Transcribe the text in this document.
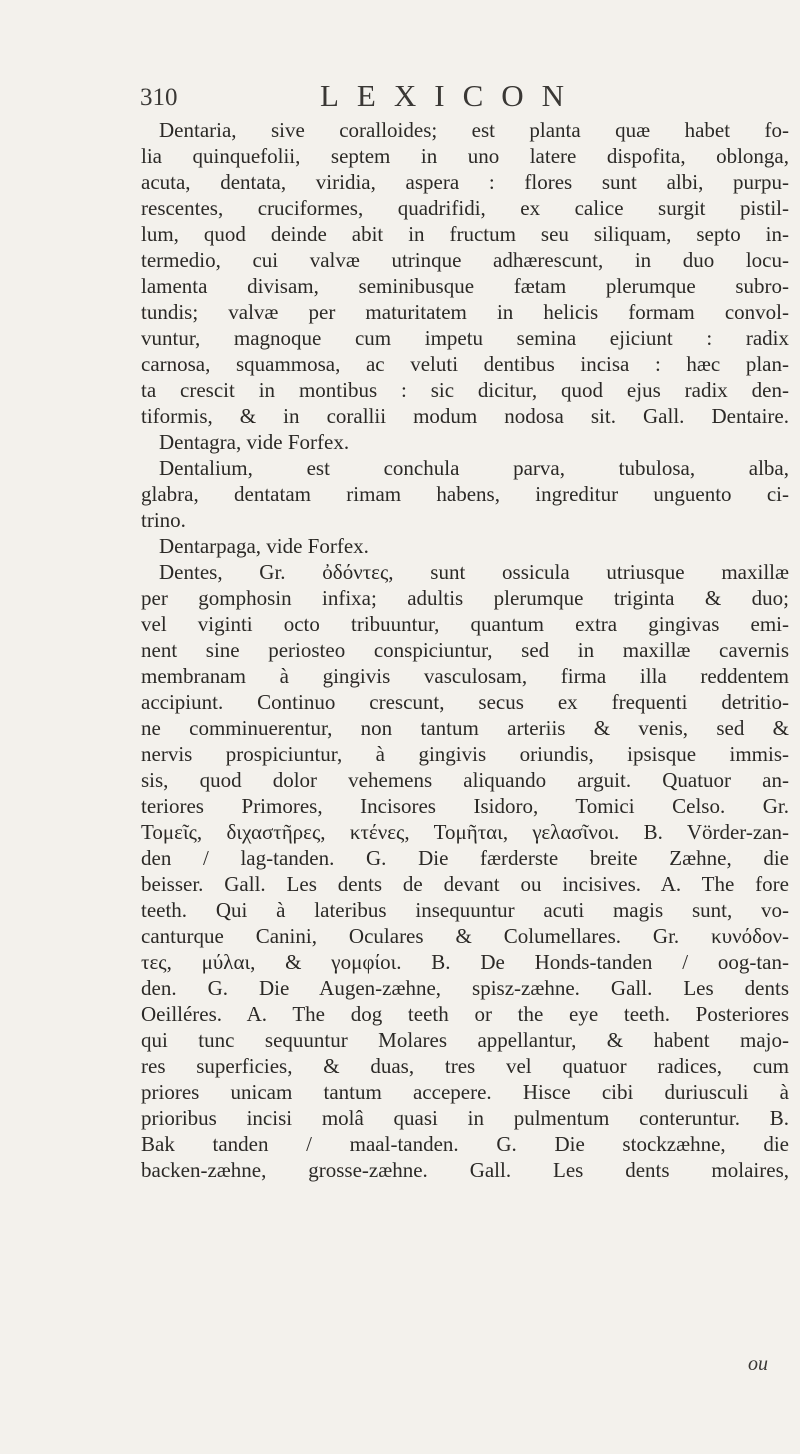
310	LEXICON
Dentaria, sive coralloides; est planta quæ habet fo-
lia quinquefolii, septem in uno latere dispofita, oblonga,
acuta, dentata, viridia, aspera : flores sunt albi, purpu-
rescentes, cruciformes, quadrifidi, ex calice surgit pistil-
lum, quod deinde abit in fructum seu siliquam, septo in-
termedio, cui valvæ utrinque adhærescunt, in duo locu-
lamenta divisam, seminibusque fætam plerumque subro-
tundis; valvæ per maturitatem in helicis formam convol-
vuntur, magnoque cum impetu semina ejiciunt : radix
carnosa, squammosa, ac veluti dentibus incisa : hæc plan-
ta crescit in montibus : sic dicitur, quod ejus radix den-
tiformis, & in corallii modum nodosa sit. Gall. Dentaire.
Dentagra, vide Forfex.
Dentalium, est conchula parva, tubulosa, alba,
glabra, dentatam rimam habens, ingreditur unguento ci-
trino.
Dentarpaga, vide Forfex.
Dentes, Gr. ὀδόντες, sunt ossicula utriusque maxillæ
per gomphosin infixa; adultis plerumque triginta & duo;
vel viginti octo tribuuntur, quantum extra gingivas emi-
nent sine periosteo conspiciuntur, sed in maxillæ cavernis
membranam à gingivis vasculosam, firma illa reddentem
accipiunt. Continuo crescunt, secus ex frequenti detritio-
ne comminuerentur, non tantum arteriis & venis, sed &
nervis prospiciuntur, à gingivis oriundis, ipsisque immis-
sis, quod dolor vehemens aliquando arguit. Quatuor an-
teriores Primores, Incisores Isidoro, Tomici Celso. Gr.
Τομεῖς, διχαστῆρες, κτένες, Τομῆται, γελασῖνοι. B. Vörder-zan-
den / lag-tanden. G. Die færderste breite Zæhne, die
beisser. Gall. Les dents de devant ou incisives. A. The fore
teeth. Qui à lateribus insequuntur acuti magis sunt, vo-
canturque Canini, Oculares & Columellares. Gr. κυνόδον-
τες, μύλαι, & γομφίοι. B. De Honds-tanden / oog-tan-
den. G. Die Augen-zæhne, spisz-zæhne. Gall. Les dents
Oeilléres. A. The dog teeth or the eye teeth. Posteriores
qui tunc sequuntur Molares appellantur, & habent majo-
res superficies, & duas, tres vel quatuor radices, cum
priores unicam tantum accepere. Hisce cibi duriusculi à
prioribus incisi molâ quasi in pulmentum conteruntur. B.
Bak tanden / maal-tanden. G. Die stockzæhne, die
backen-zæhne, grosse-zæhne. Gall. Les dents molaires,
ou
